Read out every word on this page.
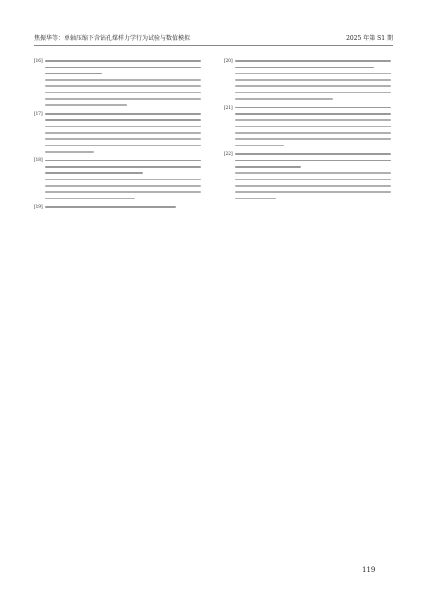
焦振华等：单轴压缩下含钻孔煤样力学行为试验与数值模拟	2025 年第 S1 期
[16]
[17]
[18]
[19]
[20]
[21]
[22]
119
